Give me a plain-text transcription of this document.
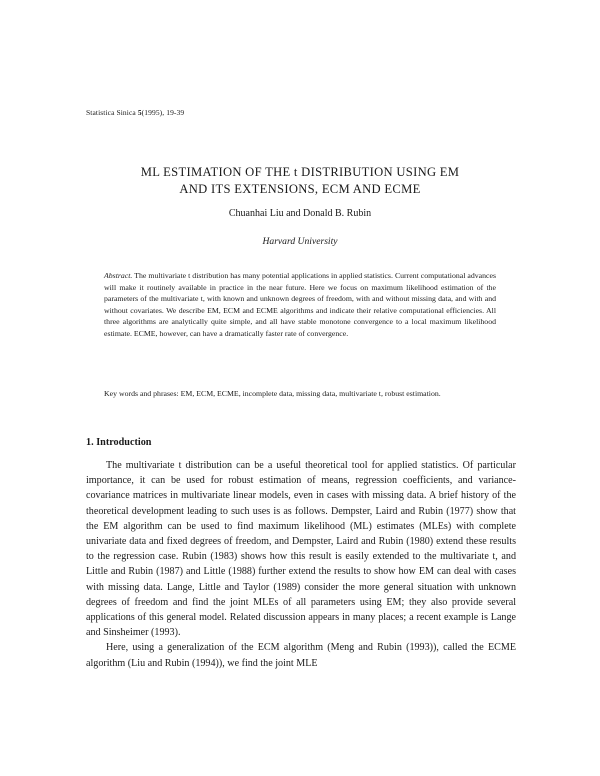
Statistica Sinica 5(1995), 19-39
ML ESTIMATION OF THE t DISTRIBUTION USING EM
AND ITS EXTENSIONS, ECM AND ECME
Chuanhai Liu and Donald B. Rubin
Harvard University
Abstract. The multivariate t distribution has many potential applications in applied statistics. Current computational advances will make it routinely available in practice in the near future. Here we focus on maximum likelihood estimation of the parameters of the multivariate t, with known and unknown degrees of freedom, with and without missing data, and with and without covariates. We describe EM, ECM and ECME algorithms and indicate their relative computational efficiencies. All three algorithms are analytically quite simple, and all have stable monotone convergence to a local maximum likelihood estimate. ECME, however, can have a dramatically faster rate of convergence.
Key words and phrases: EM, ECM, ECME, incomplete data, missing data, multivariate t, robust estimation.
1. Introduction

The multivariate t distribution can be a useful theoretical tool for applied statistics. Of particular importance, it can be used for robust estimation of means, regression coefficients, and variance-covariance matrices in multivariate linear models, even in cases with missing data. A brief history of the theoretical development leading to such uses is as follows. Dempster, Laird and Rubin (1977) show that the EM algorithm can be used to find maximum likelihood (ML) estimates (MLEs) with complete univariate data and fixed degrees of freedom, and Dempster, Laird and Rubin (1980) extend these results to the regression case. Rubin (1983) shows how this result is easily extended to the multivariate t, and Little and Rubin (1987) and Little (1988) further extend the results to show how EM can deal with cases with missing data. Lange, Little and Taylor (1989) consider the more general situation with unknown degrees of freedom and find the joint MLEs of all parameters using EM; they also provide several applications of this general model. Related discussion appears in many places; a recent example is Lange and Sinsheimer (1993).

Here, using a generalization of the ECM algorithm (Meng and Rubin (1993)), called the ECME algorithm (Liu and Rubin (1994)), we find the joint MLE
